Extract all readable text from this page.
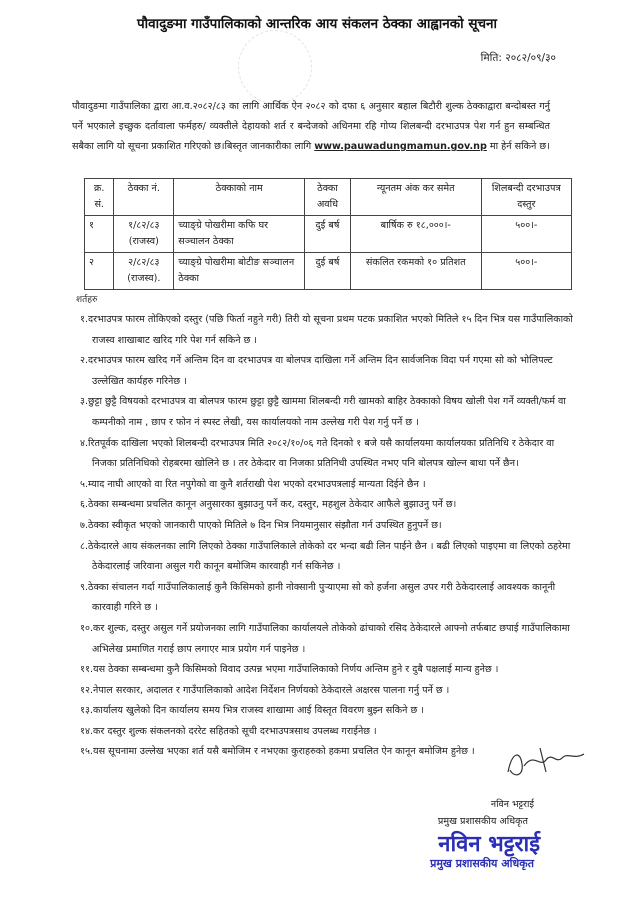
पौवादुङमा गाउँपालिकाको आन्तरिक आय संकलन ठेक्का आह्वानको सूचना
मिति: २०८२/०९/३०
पौवादुङमा गाउँपालिका द्वारा आ.व.२०८२/८३ का लागि आर्थिक ऐन २०८२ को दफा ६ अनुसार बहाल बिटौरी शुल्क ठेक्काद्वारा बन्दोबस्त गर्नु पर्ने भएकाले इच्छुक दर्तावाला फर्महरु/ व्यक्तीले देहायको शर्त र बन्देजको अधिनमा रहि गोप्य शिलबन्दी दरभाउपत्र पेश गर्न हुन सम्बन्धित सबैका लागि यो सूचना प्रकाशित गरिएको छ।बिस्तृत जानकारीका लागि www.pauwadungmamun.gov.np मा हेर्न सकिने छ।
क्र. सं.	ठेक्का नं.	ठेक्काको नाम	ठेक्का अवधि	न्यूनतम अंक कर समेत	शिलबन्दी दरभाउपत्र दस्तुर
१	१/८२/८३ (राजस्व)	च्याङ्ग्रे पोखरीमा कफि घर सञ्चालन ठेक्का	दुई बर्ष	बार्षिक रु १८,०००।-	५००।-
२	२/८२/८३ (राजस्व).	च्याङ्ग्रे पोखरीमा बोटीङ सञ्चालन ठेक्का	दुई बर्ष	संकलित रकमको १० प्रतिशत	५००।-
शर्तहरु
१.दरभाउपत्र फारम तोकिएको दस्तुर (पछि फिर्ता नहुने गरी) तिरी यो सूचना प्रथम पटक प्रकाशित भएको मितिले १५ दिन भित्र यस गाउँपालिकाको राजस्व शाखाबाट खरिद गरि पेश गर्न सकिने छ ।
२.दरभाउपत्र फारम खरिद गर्ने अन्तिम दिन वा दरभाउपत्र वा बोलपत्र दाखिला गर्ने अन्तिम दिन सार्वजनिक विदा पर्न गएमा सो को भोलिपल्ट उल्लेखित कार्यहरु गरिनेछ ।
३.छुट्टा छुट्टै विषयको दरभाउपत्र वा बोलपत्र फारम छुट्टा छुट्टै खाममा शिलबन्दी गरी खामको बाहिर ठेक्काको विषय खोली पेश गर्ने व्यक्ती/फर्म वा कम्पनीको नाम , छाप र फोन नं स्पस्ट लेखी, यस कार्यालयको नाम उल्लेख गरी पेश गर्नु पर्ने छ ।
४.रितपूर्वक दाखिला भएको शिलबन्दी दरभाउपत्र मिति २०८२/१०/०६ गते दिनको १ बजे यसै कार्यालयमा कार्यालयका प्रतिनिधि र ठेकेदार वा निजका प्रतिनिधिको रोहबरमा खोलिने छ । तर ठेकेदार वा निजका प्रतिनिधी उपस्थित नभए पनि बोलपत्र खोल्न बाधा पर्ने छैन।
५.म्याद नाघी आएको वा रित नपुगेको वा कुनै शर्तराखी पेश भएको दरभाउपत्रलाई मान्यता दिईने छैन ।
६.ठेक्का सम्बन्धमा प्रचलित कानून अनुसारका बुझाउनु पर्ने कर, दस्तुर, महशुल ठेकेदार आफैले बुझाउनु पर्ने छ।
७.ठेक्का स्वीकृत भएको जानकारी पाएको मितिले ७ दिन भित्र नियमानुसार संझौता गर्न उपस्थित हुनुपर्ने छ।
८.ठेकेदारले आय संकलनका लागि लिएको ठेक्का गाउँपालिकाले तोकेको दर भन्दा बढी लिन पाईने छैन । बढी लिएको पाइएमा वा लिएको ठहरेमा ठेकेदारलाई जरिवाना असुल गरी कानून बमोजिम कारवाही गर्न सकिनेछ ।
९.ठेक्का संचालन गर्दा गाउँपालिकालाई कुनै किसिमको हानी नोक्सानी पुर्‍याएमा सो को हर्जना असुल उपर गरी ठेकेदारलाई आवश्यक कानूनी कारवाही गरिने छ ।
१०.कर शुल्क, दस्तुर असुल गर्ने प्रयोजनका लागि गाउँपालिका कार्यालयले तोकेको ढांचाको रसिद ठेकेदारले आफ्नो तर्फबाट छपाई गाउँपालिकामा अभिलेख प्रमाणित गराई छाप लगाएर मात्र प्रयोग गर्न पाइनेछ ।
११.यस ठेक्का सम्बन्धमा कुनै किसिमको विवाद उत्पन्न भएमा गाउँपालिकाको निर्णय अन्तिम हुने र दुबै पक्षलाई मान्य हुनेछ ।
१२.नेपाल सरकार, अदालत र गाउँपालिकाको आदेश निर्देशन निर्णयको ठेकेदारले अक्षरस पालना गर्नु पर्ने छ ।
१३.कार्यालय खुलेको दिन कार्यालय समय भित्र राजस्व शाखामा आई विस्तृत विवरण बुझ्न सकिने छ ।
१४.कर दस्तुर शुल्क संकलनको दररेट सहितको सूची दरभाउपत्रसाथ उपलब्ध गराईनेछ ।
१५.यस सूचनामा उल्लेख भएका शर्त यसै बमोजिम र नभएका कुराहरुको हकमा प्रचलित ऐन कानून बमोजिम हुनेछ ।
नविन भट्टराई
प्रमुख प्रशासकीय अधिकृत
नविन भट्टराई
प्रमुख प्रशासकीय अधिकृत
